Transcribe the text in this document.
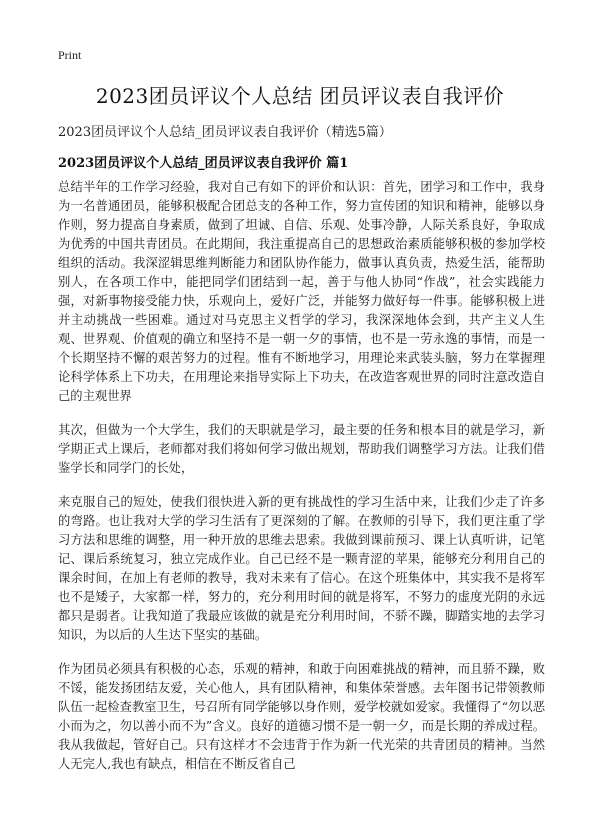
Print
2023团员评议个人总结 团员评议表自我评价
2023团员评议个人总结_团员评议表自我评价（精选5篇）
2023团员评议个人总结_团员评议表自我评价 篇1

总结半年的工作学习经验，我对自己有如下的评价和认识：首先，团学习和工作中，我身为一名普通团员，能够积极配合团总支的各种工作，努力宣传团的知识和精神，能够以身作则，努力提高自身素质，做到了坦诚、自信、乐观、处事冷静，人际关系良好，争取成为优秀的中国共青团员。在此期间，我注重提高自己的思想政治素质能够积极的参加学校组织的活动。我深涩辑思维判断能力和团队协作能力，做事认真负责，热爱生活，能帮助别人，在各项工作中，能把同学们团结到一起，善于与他人协同“作战”，社会实践能力强，对新事物接受能力快，乐观向上，爱好广泛，并能努力做好每一件事。能够积极上进并主动挑战一些困难。通过对马克思主义哲学的学习，我深深地体会到，共产主义人生观、世界观、价值观的确立和坚持不是一朝一夕的事情，也不是一劳永逸的事情，而是一个长期坚持不懈的艰苦努力的过程。惟有不断地学习，用理论来武装头脑，努力在掌握理论科学体系上下功夫，在用理论来指导实际上下功夫，在改造客观世界的同时注意改造自己的主观世界

其次，但做为一个大学生，我们的天职就是学习，最主要的任务和根本目的就是学习，新学期正式上课后，老师都对我们将如何学习做出规划，帮助我们调整学习方法。让我们借鉴学长和同学门的长处，

来克服自己的短处，使我们很快进入新的更有挑战性的学习生活中来，让我们少走了许多的弯路。也让我对大学的学习生活有了更深刻的了解。在教师的引导下，我们更注重了学习方法和思维的调整，用一种开放的思维去思索。我做到课前预习、课上认真听讲，记笔记、课后系统复习，独立完成作业。自己已经不是一颗青涩的苹果，能够充分利用自己的课余时间，在加上有老师的教导，我对未来有了信心。在这个班集体中，其实我不是将军也不是矮子，大家都一样，努力的，充分利用时间的就是将军，不努力的虚度光阴的永远都只是弱者。让我知道了我最应该做的就是充分利用时间，不骄不躁，脚踏实地的去学习知识，为以后的人生达下坚实的基础。

作为团员必须具有积极的心态，乐观的精神，和敢于向困难挑战的精神，而且骄不躁，败不馁，能发扬团结友爱，关心他人，具有团队精神，和集体荣誉感。去年图书记带领教师队伍一起检查教室卫生，号召所有同学能够以身作则，爱学校就如爱家。我懂得了“勿以恶小而为之，勿以善小而不为”含义。良好的道德习惯不是一朝一夕，而是长期的养成过程。我从我做起，管好自己。只有这样才不会违背于作为新一代光荣的共青团员的精神。当然人无完人,我也有缺点，相信在不断反省自己
